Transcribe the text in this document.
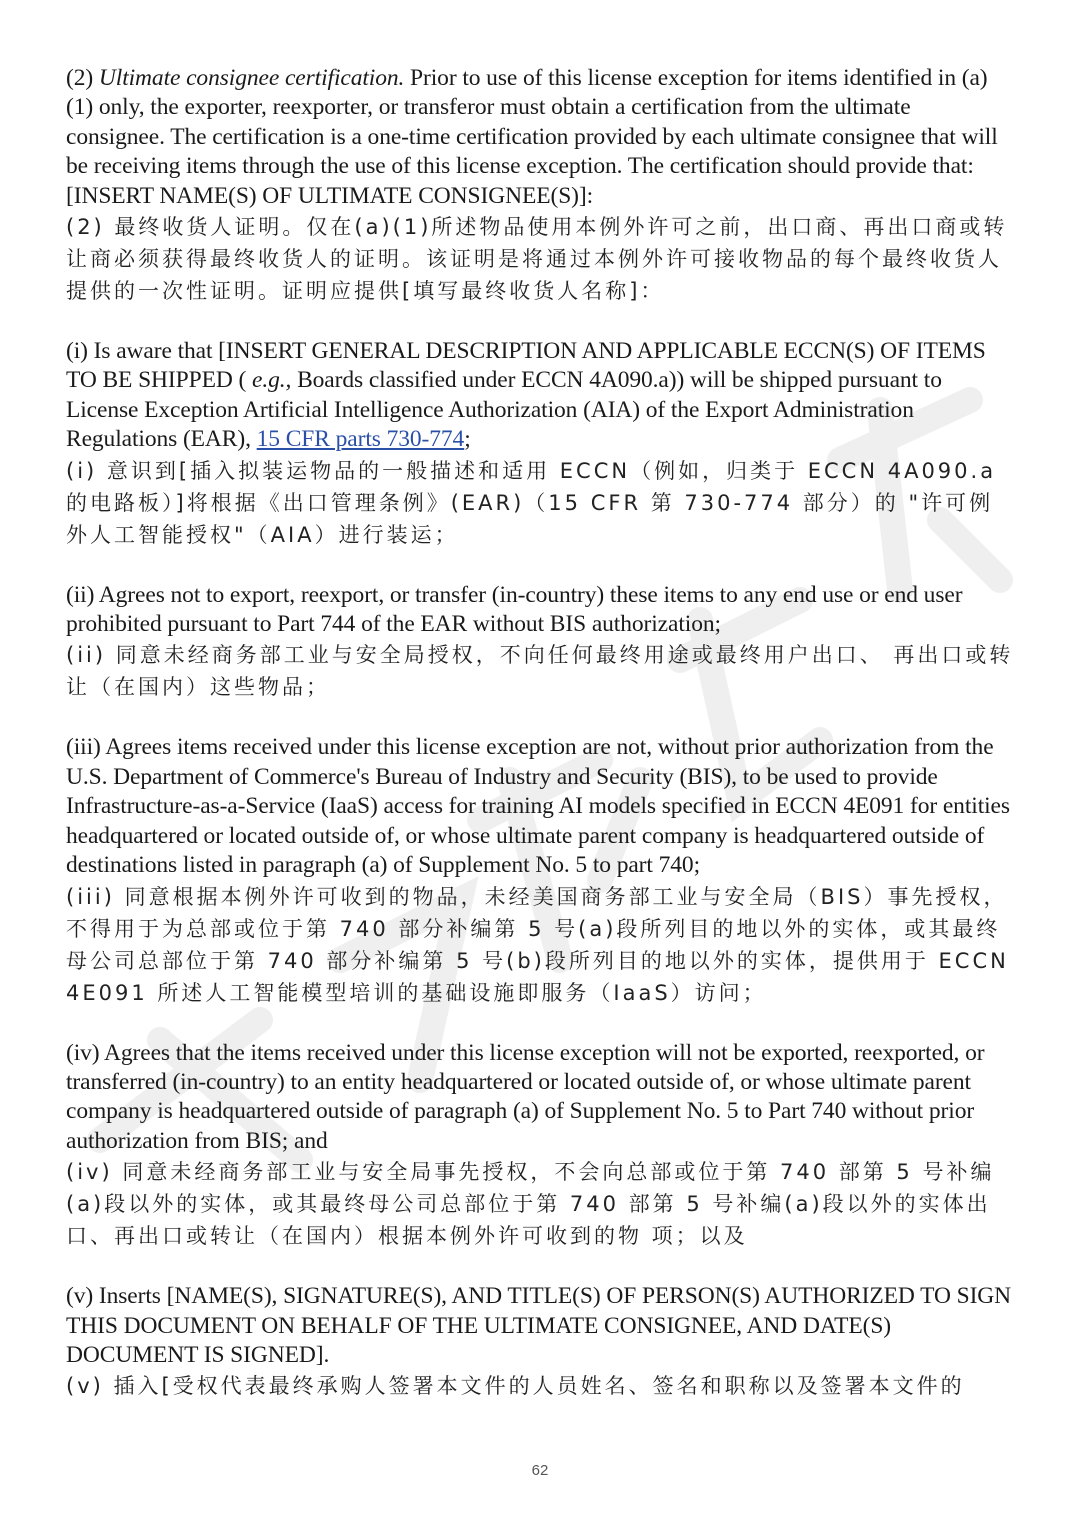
(2) Ultimate consignee certification. Prior to use of this license exception for items identified in (a)(1) only, the exporter, reexporter, or transferor must obtain a certification from the ultimate consignee. The certification is a one-time certification provided by each ultimate consignee that will be receiving items through the use of this license exception. The certification should provide that: [INSERT NAME(S) OF ULTIMATE CONSIGNEE(S)]:

(2) 最终收货人证明。仅在(a)(1)所述物品使用本例外许可之前，出口商、再出口商或转让商必须获得最终收货人的证明。该证明是将通过本例外许可接收物品的每个最终收货人提供的一次性证明。证明应提供[填写最终收货人名称]：

(i) Is aware that [INSERT GENERAL DESCRIPTION AND APPLICABLE ECCN(S) OF ITEMS TO BE SHIPPED ( e.g., Boards classified under ECCN 4A090.a)) will be shipped pursuant to License Exception Artificial Intelligence Authorization (AIA) of the Export Administration Regulations (EAR), 15 CFR parts 730-774;

(i) 意识到[插入拟装运物品的一般描述和适用 ECCN（例如，归类于 ECCN 4A090.a 的电路板）]将根据《出口管理条例》(EAR)（15 CFR 第 730-774 部分）的 "许可例外人工智能授权"（AIA）进行装运；

(ii) Agrees not to export, reexport, or transfer (in-country) these items to any end use or end user prohibited pursuant to Part 744 of the EAR without BIS authorization;

(ii) 同意未经商务部工业与安全局授权，不向任何最终用途或最终用户出口、 再出口或转让（在国内）这些物品；

(iii) Agrees items received under this license exception are not, without prior authorization from the U.S. Department of Commerce's Bureau of Industry and Security (BIS), to be used to provide Infrastructure-as-a-Service (IaaS) access for training AI models specified in ECCN 4E091 for entities headquartered or located outside of, or whose ultimate parent company is headquartered outside of destinations listed in paragraph (a) of Supplement No. 5 to part 740;

(iii) 同意根据本例外许可收到的物品，未经美国商务部工业与安全局（BIS）事先授权，不得用于为总部或位于第 740 部分补编第 5 号(a)段所列目的地以外的实体，或其最终母公司总部位于第 740 部分补编第 5 号(b)段所列目的地以外的实体，提供用于 ECCN 4E091 所述人工智能模型培训的基础设施即服务（IaaS）访问；

(iv) Agrees that the items received under this license exception will not be exported, reexported, or transferred (in-country) to an entity headquartered or located outside of, or whose ultimate parent company is headquartered outside of paragraph (a) of Supplement No. 5 to Part 740 without prior authorization from BIS; and

(iv) 同意未经商务部工业与安全局事先授权，不会向总部或位于第 740 部第 5 号补编(a)段以外的实体，或其最终母公司总部位于第 740 部第 5 号补编(a)段以外的实体出口、再出口或转让（在国内）根据本例外许可收到的物 项；以及

(v) Inserts [NAME(S), SIGNATURE(S), AND TITLE(S) OF PERSON(S) AUTHORIZED TO SIGN THIS DOCUMENT ON BEHALF OF THE ULTIMATE CONSIGNEE, AND DATE(S) DOCUMENT IS SIGNED].

(v) 插入[受权代表最终承购人签署本文件的人员姓名、签名和职称以及签署本文件的

62
